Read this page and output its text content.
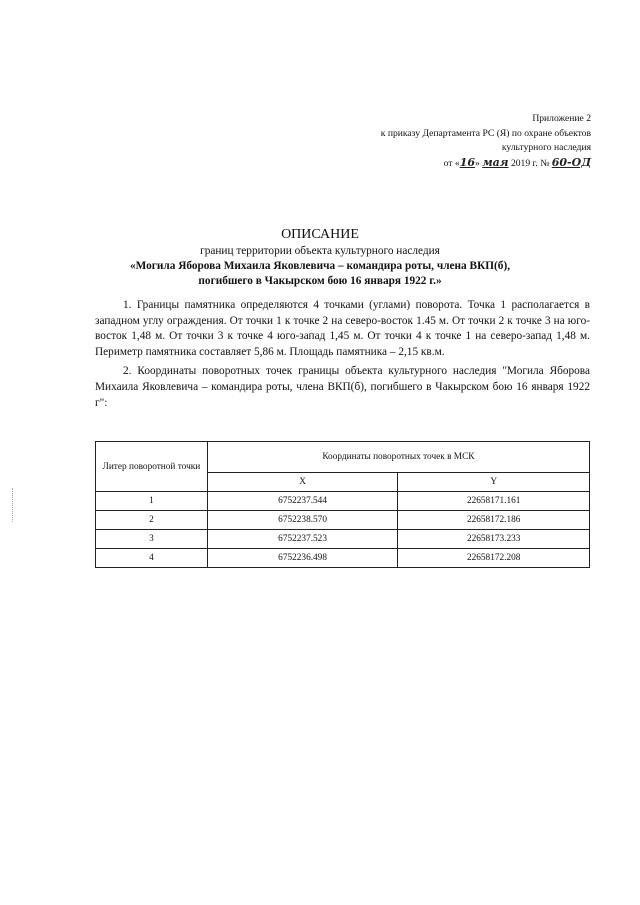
Приложение 2
к приказу Департамента РС (Я) по охране объектов
культурного наследия
от «16» мая 2019 г. № 60-ОД
ОПИСАНИЕ
границ территории объекта культурного наследия
«Могила Яборова Михаила Яковлевича – командира роты, члена ВКП(б),
погибшего в Чакырском бою 16 января 1922 г.»

1. Границы памятника определяются 4 точками (углами) поворота. Точка 1 располагается в западном углу ограждения. От точки 1 к точке 2 на северо-восток 1.45 м. От точки 2 к точке 3 на юго-восток 1,48 м. От точки 3 к точке 4 юго-запад 1,45 м. От точки 4 к точке 1 на северо-запад 1,48 м. Периметр памятника составляет 5,86 м. Площадь памятника – 2,15 кв.м.

2. Координаты поворотных точек границы объекта культурного наследия "Могила Яборова Михаила Яковлевича – командира роты, члена ВКП(б), погибшего в Чакырском бою 16 января 1922 г":

Литер поворотной точки	Координаты поворотных точек в МСК	
	X	Y
1	6752237.544	22658171.161
2	6752238.570	22658172.186
3	6752237.523	22658173.233
4	6752236.498	22658172.208
